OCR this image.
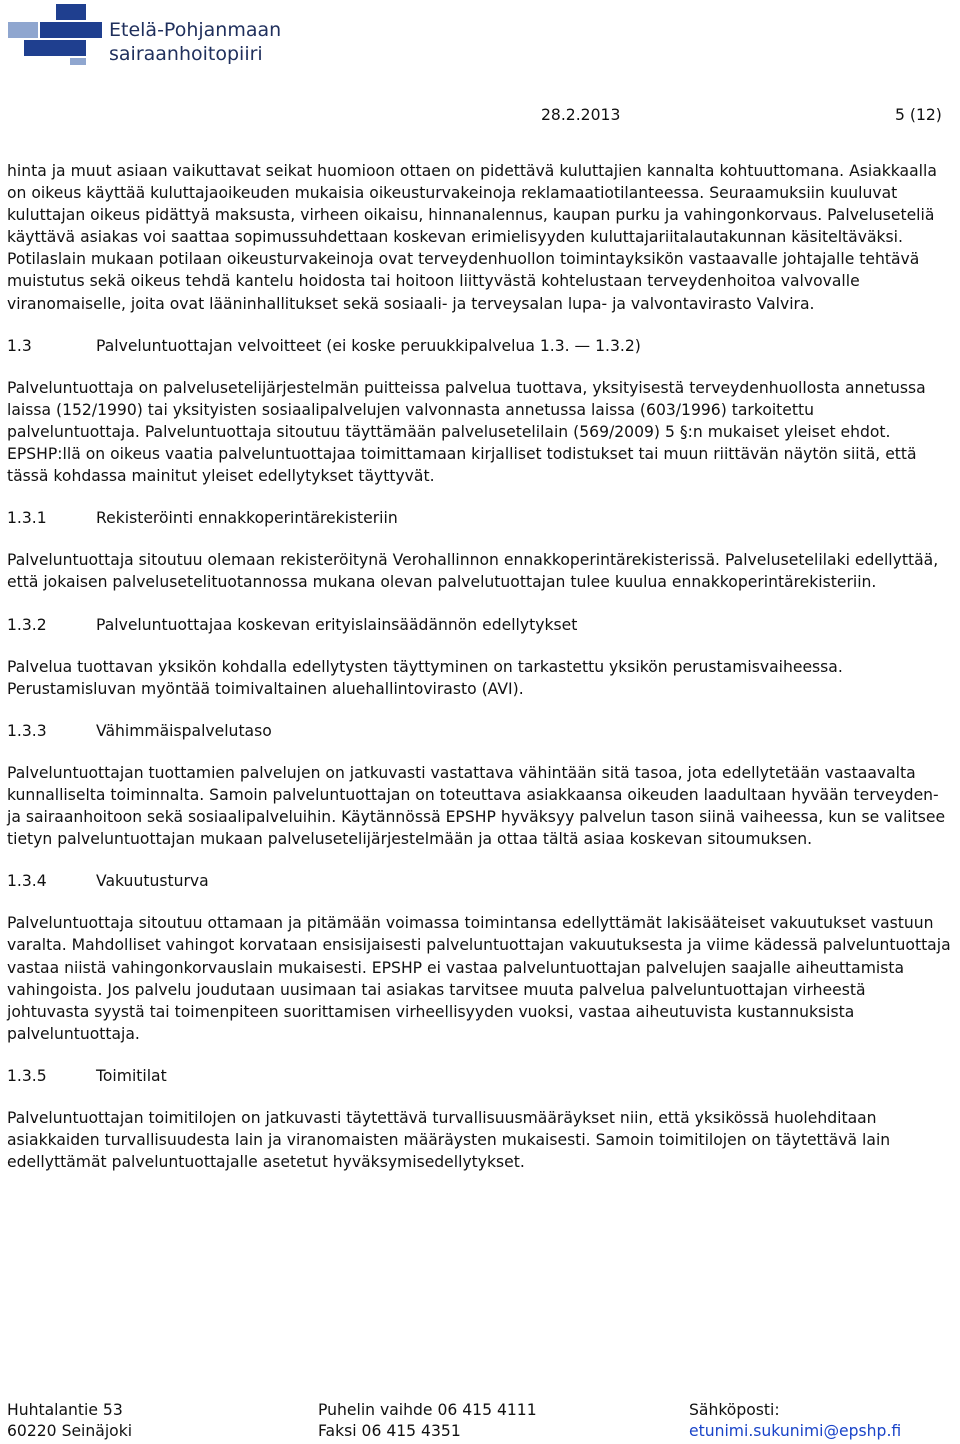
Etelä-Pohjanmaan
sairaanhoitopiiri
28.2.2013	5 (12)

hinta ja muut asiaan vaikuttavat seikat huomioon ottaen on pidettävä kuluttajien kannalta kohtuuttomana. Asiakkaalla on oikeus käyttää kuluttajaoikeuden mukaisia oikeusturvakeinoja reklamaatiotilanteessa. Seuraamuksiin kuuluvat kuluttajan oikeus pidättyä maksusta, virheen oikaisu, hinnanalennus, kaupan purku ja vahingonkorvaus. Palveluseteliä käyttävä asiakas voi saattaa sopimussuhdettaan koskevan erimielisyyden kuluttajariitalautakunnan käsiteltäväksi.

Potilaslain mukaan potilaan oikeusturvakeinoja ovat terveydenhuollon toimintayksikön vastaavalle johtajalle tehtävä muistutus sekä oikeus tehdä kantelu hoidosta tai hoitoon liittyvästä kohtelustaan terveydenhoitoa valvovalle viranomaiselle, joita ovat lääninhallitukset sekä sosiaali- ja terveysalan lupa- ja valvontavirasto Valvira.

1.3	Palveluntuottajan velvoitteet (ei koske peruukkipalvelua 1.3. — 1.3.2)

Palveluntuottaja on palvelusetelijärjestelmän puitteissa palvelua tuottava, yksityisestä terveydenhuollosta annetussa laissa (152/1990) tai yksityisten sosiaalipalvelujen valvonnasta annetussa laissa (603/1996) tarkoitettu palveluntuottaja. Palveluntuottaja sitoutuu täyttämään palvelusetelilain (569/2009) 5 §:n mukaiset yleiset ehdot. EPSHP:llä on oikeus vaatia palveluntuottajaa toimittamaan kirjalliset todistukset tai muun riittävän näytön siitä, että tässä kohdassa mainitut yleiset edellytykset täyttyvät.

1.3.1	Rekisteröinti ennakkoperintärekisteriin

Palveluntuottaja sitoutuu olemaan rekisteröitynä Verohallinnon ennakkoperintärekisterissä. Palvelusetelilaki edellyttää, että jokaisen palvelusetelituotannossa mukana olevan palvelutuottajan tulee kuulua ennakkoperintärekisteriin.

1.3.2	Palveluntuottajaa koskevan erityislainsäädännön edellytykset

Palvelua tuottavan yksikön kohdalla edellytysten täyttyminen on tarkastettu yksikön perustamisvaiheessa. Perustamisluvan myöntää toimivaltainen aluehallintovirasto (AVI).

1.3.3	Vähimmäispalvelutaso

Palveluntuottajan tuottamien palvelujen on jatkuvasti vastattava vähintään sitä tasoa, jota edellytetään vastaavalta kunnalliselta toiminnalta. Samoin palveluntuottajan on toteuttava asiakkaansa oikeuden laadultaan hyvään terveyden- ja sairaanhoitoon sekä sosiaalipalveluihin. Käytännössä EPSHP hyväksyy palvelun tason siinä vaiheessa, kun se valitsee tietyn palveluntuottajan mukaan palvelusetelijärjestelmään ja ottaa tältä asiaa koskevan sitoumuksen.

1.3.4	Vakuutusturva

Palveluntuottaja sitoutuu ottamaan ja pitämään voimassa toimintansa edellyttämät lakisääteiset vakuutukset vastuun varalta. Mahdolliset vahingot korvataan ensisijaisesti palveluntuottajan vakuutuksesta ja viime kädessä palveluntuottaja vastaa niistä vahingonkorvauslain mukaisesti. EPSHP ei vastaa palveluntuottajan palvelujen saajalle aiheuttamista vahingoista. Jos palvelu joudutaan uusimaan tai asiakas tarvitsee muuta palvelua palveluntuottajan virheestä johtuvasta syystä tai toimenpiteen suorittamisen virheellisyyden vuoksi, vastaa aiheutuvista kustannuksista palveluntuottaja.

1.3.5	Toimitilat

Palveluntuottajan toimitilojen on jatkuvasti täytettävä turvallisuusmääräykset niin, että yksikössä huolehditaan asiakkaiden turvallisuudesta lain ja viranomaisten määräysten mukaisesti. Samoin toimitilojen on täytettävä lain edellyttämät palveluntuottajalle asetetut hyväksymisedellytykset.

Huhtalantie 53
60220 Seinäjoki
Puhelin vaihde 06 415 4111
Faksi 06 415 4351
Sähköposti:
etunimi.sukunimi@epshp.fi
